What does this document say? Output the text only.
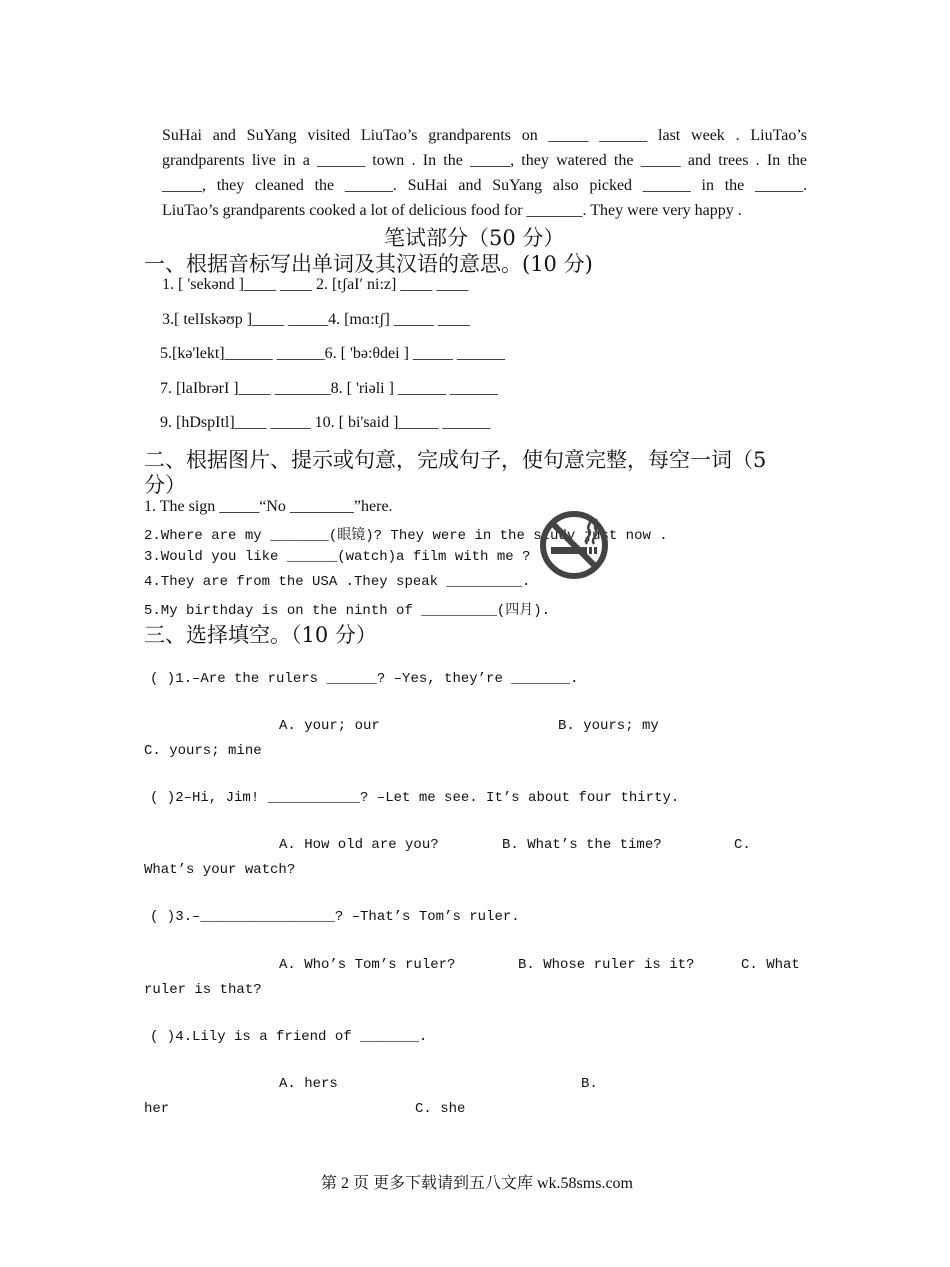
SuHai and SuYang visited LiuTao’s grandparents on _____ ______ last week . LiuTao’s
grandparents live in a ______ town . In the _____, they watered the _____ and trees . In the
_____, they cleaned the ______. SuHai and SuYang also picked ______ in the ______.
LiuTao’s grandparents cooked a lot of delicious food for _______. They were very happy .
笔试部分（50 分）
一、根据音标写出单词及其汉语的意思。(10 分)
1. [ 'sekənd ]____ ____ 2. [tʃaI′ ni:z] ____ ____
3.[ telIskəʊp ]____ _____4. [mɑ:tʃ] _____ ____
5.[kə'lekt]______ ______6. [ 'bə:θdei ] _____ ______
7. [laIbrərI ]____ _______8. [ 'riəli ] ______ ______
9. [hDspItl]____ _____ 10. [ bi'said ]_____ ______
二、根据图片、提示或句意，完成句子，使句意完整，每空一词（5
分）
1. The sign _____“No ________”here.
2.Where are my _______(眼镜)? They were in the study just now .
3.Would you like ______(watch)a film with me ?
4.They are from the USA .They speak _________.
5.My birthday is on the ninth of _________(四月).
三、选择填空。（10 分）
( )1.–Are the rulers ______? –Yes, they’re _______.
A. your; our	B. yours; my
C. yours; mine
( )2–Hi, Jim! ___________? –Let me see. It’s about four thirty.
A. How old are you?	B. What’s the time?	C.
What’s your watch?
( )3.–________________? –That’s Tom’s ruler.
A. Who’s Tom’s ruler?	B. Whose ruler is it?	C. What
ruler is that?
( )4.Lily is a friend of _______.
A. hers	B.
her	C. she
第 2 页 更多下载请到五八文库 wk.58sms.com
